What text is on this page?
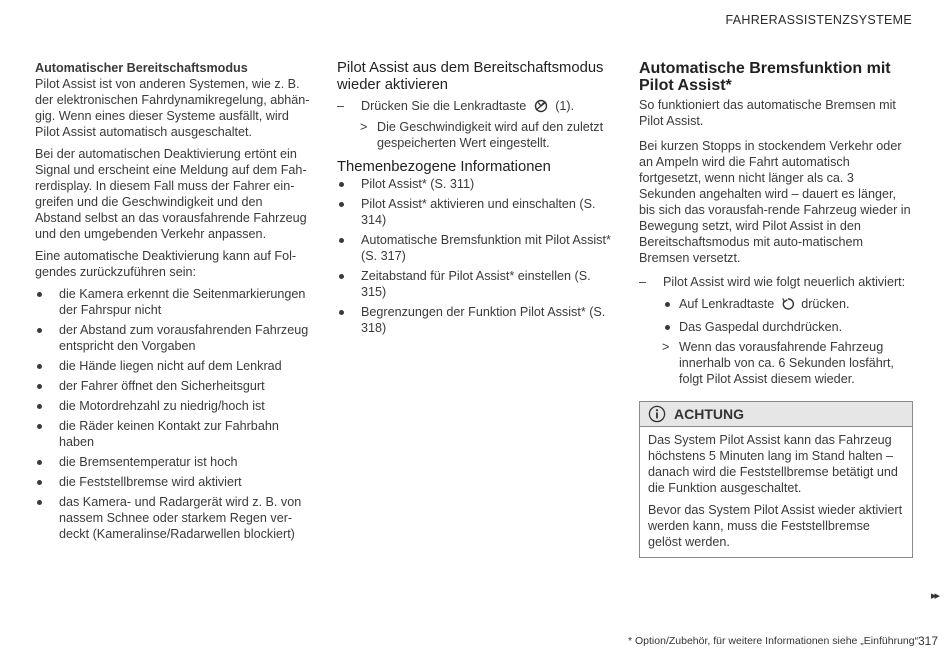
FAHRERASSISTENZSYSTEME

Automatischer Bereitschaftsmodus

Pilot Assist ist von anderen Systemen, wie z. B. der elektronischen Fahrdynamikregelung, abhän-gig. Wenn eines dieser Systeme ausfällt, wird Pilot Assist automatisch ausgeschaltet.

Bei der automatischen Deaktivierung ertönt ein Signal und erscheint eine Meldung auf dem Fah-rerdisplay. In diesem Fall muss der Fahrer ein-greifen und die Geschwindigkeit und den Abstand selbst an das vorausfahrende Fahrzeug und den umgebenden Verkehr anpassen.

Eine automatische Deaktivierung kann auf Fol-gendes zurückzuführen sein:

die Kamera erkennt die Seitenmarkierungen der Fahrspur nicht
der Abstand zum vorausfahrenden Fahrzeug entspricht den Vorgaben
die Hände liegen nicht auf dem Lenkrad
der Fahrer öffnet den Sicherheitsgurt
die Motordrehzahl zu niedrig/hoch ist
die Räder keinen Kontakt zur Fahrbahn haben
die Bremsentemperatur ist hoch
die Feststellbremse wird aktiviert
das Kamera- und Radargerät wird z. B. von nassem Schnee oder starkem Regen ver-deckt (Kameralinse/Radarwellen blockiert)

Pilot Assist aus dem Bereitschaftsmodus wieder aktivieren

– Drücken Sie die Lenkradtaste (1).
> Die Geschwindigkeit wird auf den zuletzt gespeicherten Wert eingestellt.

Themenbezogene Informationen

Pilot Assist* (S. 311)
Pilot Assist* aktivieren und einschalten (S. 314)
Automatische Bremsfunktion mit Pilot Assist* (S. 317)
Zeitabstand für Pilot Assist* einstellen (S. 315)
Begrenzungen der Funktion Pilot Assist* (S. 318)

Automatische Bremsfunktion mit Pilot Assist*

So funktioniert das automatische Bremsen mit Pilot Assist.

Bei kurzen Stopps in stockendem Verkehr oder an Ampeln wird die Fahrt automatisch fortgesetzt, wenn nicht länger als ca. 3 Sekunden angehalten wird – dauert es länger, bis sich das vorausfah-rende Fahrzeug wieder in Bewegung setzt, wird Pilot Assist in den Bereitschaftsmodus mit auto-matischem Bremsen versetzt.

– Pilot Assist wird wie folgt neuerlich aktiviert:
Auf Lenkradtaste drücken.
Das Gaspedal durchdrücken.
> Wenn das vorausfahrende Fahrzeug innerhalb von ca. 6 Sekunden losfährt, folgt Pilot Assist diesem wieder.
ACHTUNG

Das System Pilot Assist kann das Fahrzeug höchstens 5 Minuten lang im Stand halten – danach wird die Feststellbremse betätigt und die Funktion ausgeschaltet.

Bevor das System Pilot Assist wieder aktiviert werden kann, muss die Feststellbremse gelöst werden.

▸▸
* Option/Zubehör, für weitere Informationen siehe „Einführung“.
317
